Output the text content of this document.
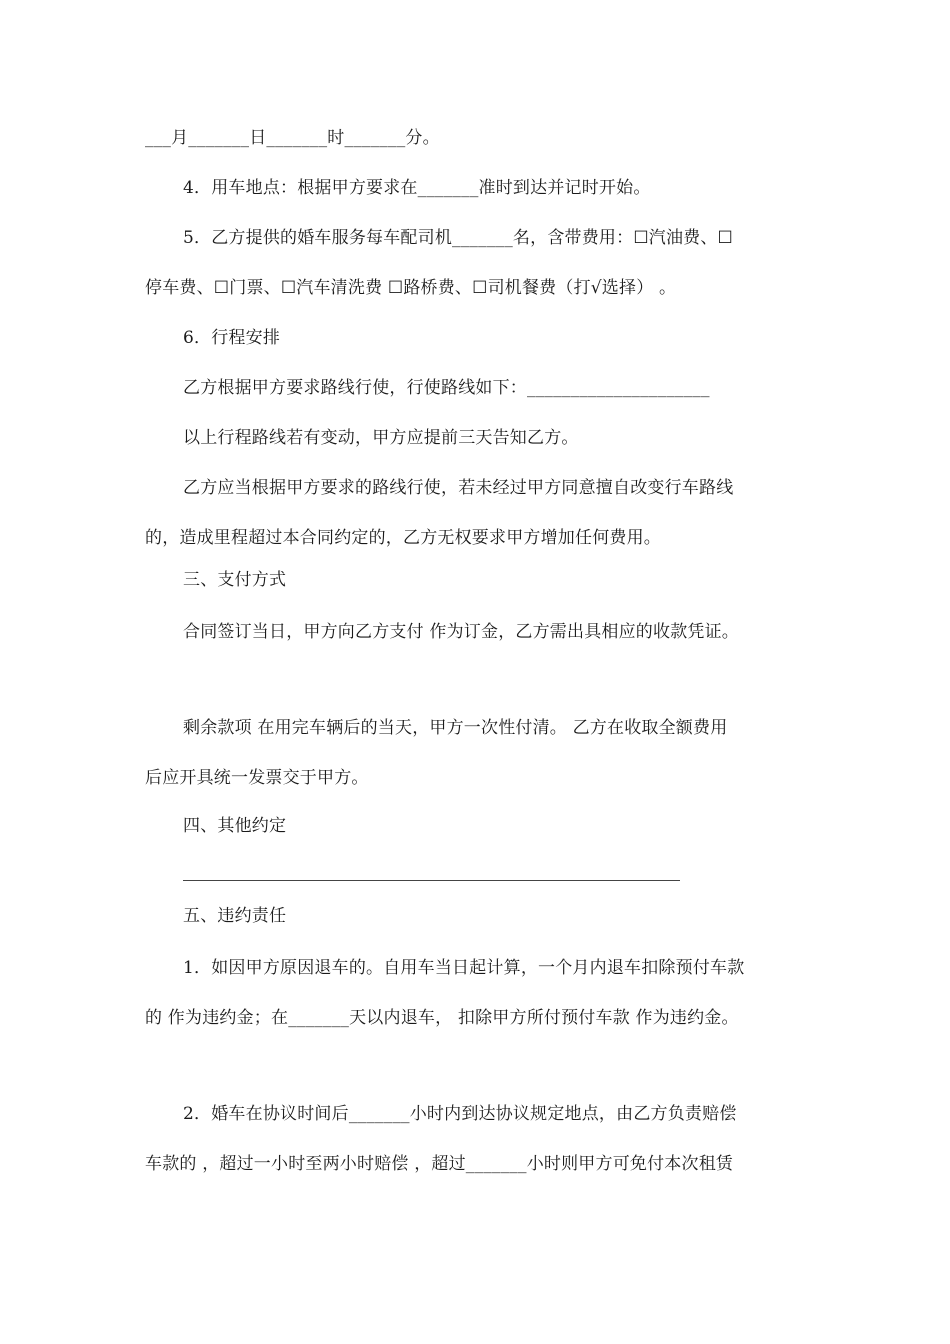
___月_______日_______时_______分。
4．用车地点：根据甲方要求在_______准时到达并记时开始。
5．乙方提供的婚车服务每车配司机_______名，含带费用：☐汽油费、☐
停车费、☐门票、☐汽车清洗费 ☐路桥费、☐司机餐费（打√选择） 。
6．行程安排
乙方根据甲方要求路线行使，行使路线如下：_____________________
以上行程路线若有变动，甲方应提前三天告知乙方。
乙方应当根据甲方要求的路线行使，若未经过甲方同意擅自改变行车路线
的，造成里程超过本合同约定的，乙方无权要求甲方增加任何费用。
三、支付方式
合同签订当日，甲方向乙方支付 作为订金，乙方需出具相应的收款凭证。
剩余款项 在用完车辆后的当天，甲方一次性付清。 乙方在收取全额费用
后应开具统一发票交于甲方。
四、其他约定
五、违约责任
1．如因甲方原因退车的。自用车当日起计算，一个月内退车扣除预付车款
的 作为违约金；在_______天以内退车， 扣除甲方所付预付车款 作为违约金。
2．婚车在协议时间后_______小时内到达协议规定地点，由乙方负责赔偿
车款的 ，超过一小时至两小时赔偿 ，超过_______小时则甲方可免付本次租赁
